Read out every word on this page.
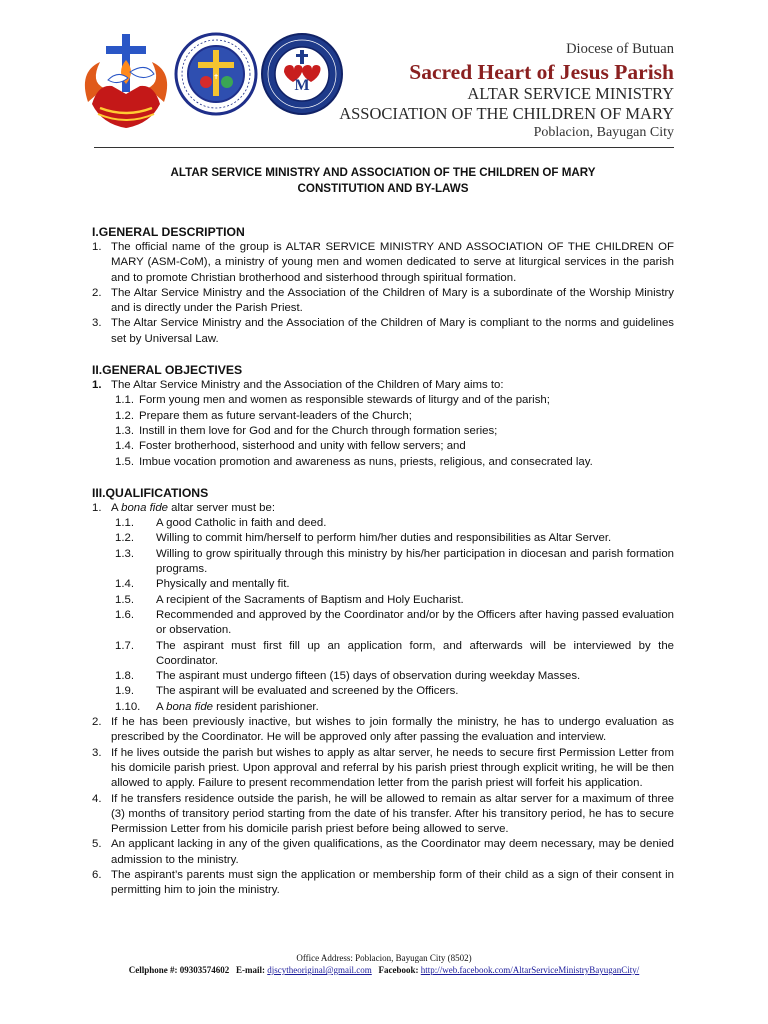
✝	M
Diocese of Butuan
Sacred Heart of Jesus Parish
ALTAR SERVICE MINISTRY
ASSOCIATION OF THE CHILDREN OF MARY
Poblacion, Bayugan City
ALTAR SERVICE MINISTRY AND ASSOCIATION OF THE CHILDREN OF MARY
CONSTITUTION AND BY-LAWS
I.GENERAL DESCRIPTION
1. The official name of the group is ALTAR SERVICE MINISTRY AND ASSOCIATION OF THE CHILDREN OF MARY (ASM-CoM), a ministry of young men and women dedicated to serve at liturgical services in the parish and to promote Christian brotherhood and sisterhood through spiritual formation.
2. The Altar Service Ministry and the Association of the Children of Mary is a subordinate of the Worship Ministry and is directly under the Parish Priest.
3. The Altar Service Ministry and the Association of the Children of Mary is compliant to the norms and guidelines set by Universal Law.
II.GENERAL OBJECTIVES
1. The Altar Service Ministry and the Association of the Children of Mary aims to:
1.1. Form young men and women as responsible stewards of liturgy and of the parish;
1.2. Prepare them as future servant-leaders of the Church;
1.3. Instill in them love for God and for the Church through formation series;
1.4. Foster brotherhood, sisterhood and unity with fellow servers; and
1.5. Imbue vocation promotion and awareness as nuns, priests, religious, and consecrated lay.
III.QUALIFICATIONS
1. A bona fide altar server must be:
1.1. A good Catholic in faith and deed.
1.2. Willing to commit him/herself to perform him/her duties and responsibilities as Altar Server.
1.3. Willing to grow spiritually through this ministry by his/her participation in diocesan and parish formation programs.
1.4. Physically and mentally fit.
1.5. A recipient of the Sacraments of Baptism and Holy Eucharist.
1.6. Recommended and approved by the Coordinator and/or by the Officers after having passed evaluation or observation.
1.7. The aspirant must first fill up an application form, and afterwards will be interviewed by the Coordinator.
1.8. The aspirant must undergo fifteen (15) days of observation during weekday Masses.
1.9. The aspirant will be evaluated and screened by the Officers.
1.10. A bona fide resident parishioner.
2. If he has been previously inactive, but wishes to join formally the ministry, he has to undergo evaluation as prescribed by the Coordinator. He will be approved only after passing the evaluation and interview.
3. If he lives outside the parish but wishes to apply as altar server, he needs to secure first Permission Letter from his domicile parish priest. Upon approval and referral by his parish priest through explicit writing, he will be then allowed to apply. Failure to present recommendation letter from the parish priest will forfeit his application.
4. If he transfers residence outside the parish, he will be allowed to remain as altar server for a maximum of three (3) months of transitory period starting from the date of his transfer. After his transitory period, he has to secure Permission Letter from his domicile parish priest before being allowed to serve.
5. An applicant lacking in any of the given qualifications, as the Coordinator may deem necessary, may be denied admission to the ministry.
6. The aspirant’s parents must sign the application or membership form of their child as a sign of their consent in permitting him to join the ministry.
Office Address: Poblacion, Bayugan City (8502)
Cellphone #: 09303574602 E-mail: djscytheoriginal@gmail.com Facebook: http://web.facebook.com/AltarServiceMinistryBayuganCity/
